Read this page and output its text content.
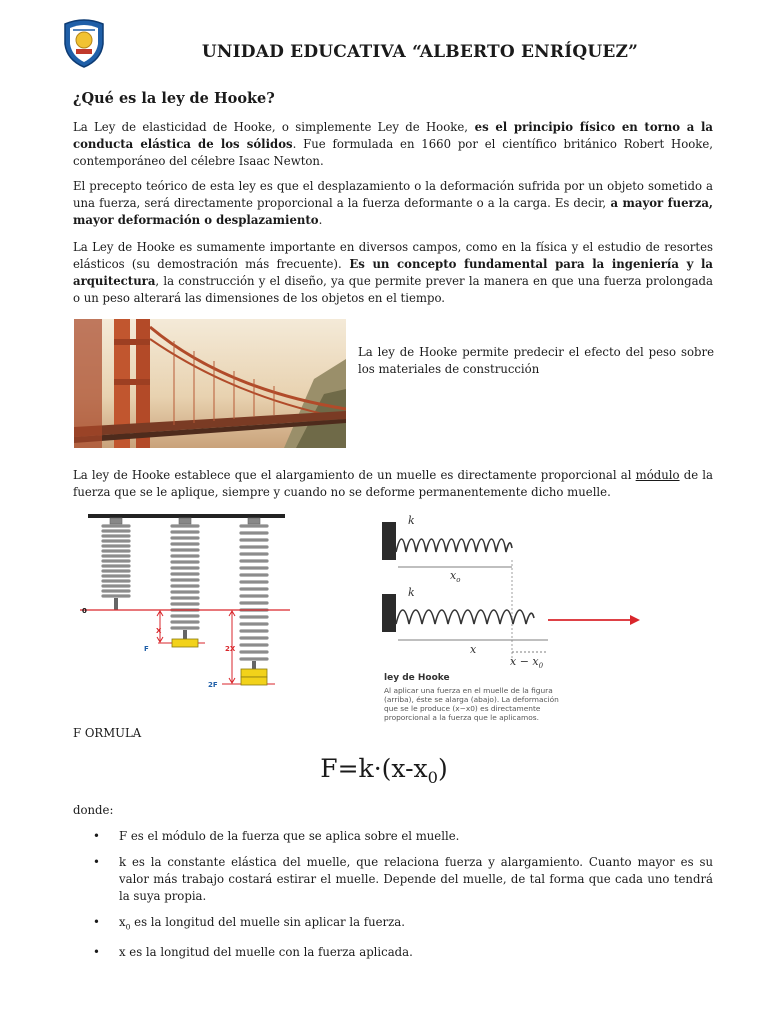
UNIDAD EDUCATIVA “ALBERTO ENRÍQUEZ”
¿Qué es la ley de Hooke?

La Ley de elasticidad de Hooke, o simplemente Ley de Hooke, es el principio físico en torno a la conducta elástica de los sólidos. Fue formulada en 1660 por el científico británico Robert Hooke, contemporáneo del célebre Isaac Newton.

El precepto teórico de esta ley es que el desplazamiento o la deformación sufrida por un objeto sometido a una fuerza, será directamente proporcional a la fuerza deformante o a la carga. Es decir, a mayor fuerza, mayor deformación o desplazamiento.

La Ley de Hooke es sumamente importante en diversos campos, como en la física y el estudio de resortes elásticos (su demostración más frecuente). Es un concepto fundamental para la ingeniería y la arquitectura, la construcción y el diseño, ya que permite prever la manera en que una fuerza prolongada o un peso alterará las dimensiones de los objetos en el tiempo.

La ley de Hooke permite predecir el efecto del peso sobre los materiales de construcción

La ley de Hooke establece que el alargamiento de un muelle es directamente proporcional al módulo de la fuerza que se le aplique, siempre y cuando no se deforme permanentemente dicho muelle.

0
X
F	2X
2F
k
$x_o$
k
x
$x - x_0$
ley de Hooke
Al aplicar una fuerza en el muelle de la figura
(arriba), éste se alarga (abajo). La deformación
que se le produce (x−x0) es directamente
proporcional a la fuerza que le aplicamos.
F ORMULA
$F=k\cdot(x-x_0)$
donde:
• F es el módulo de la fuerza que se aplica sobre el muelle.
• k es la constante elástica del muelle, que relaciona fuerza y alargamiento. Cuanto mayor es su valor más trabajo costará estirar el muelle. Depende del muelle, de tal forma que cada uno tendrá la suya propia.
• $x_0$ es la longitud del muelle sin aplicar la fuerza.
• x es la longitud del muelle con la fuerza aplicada.
